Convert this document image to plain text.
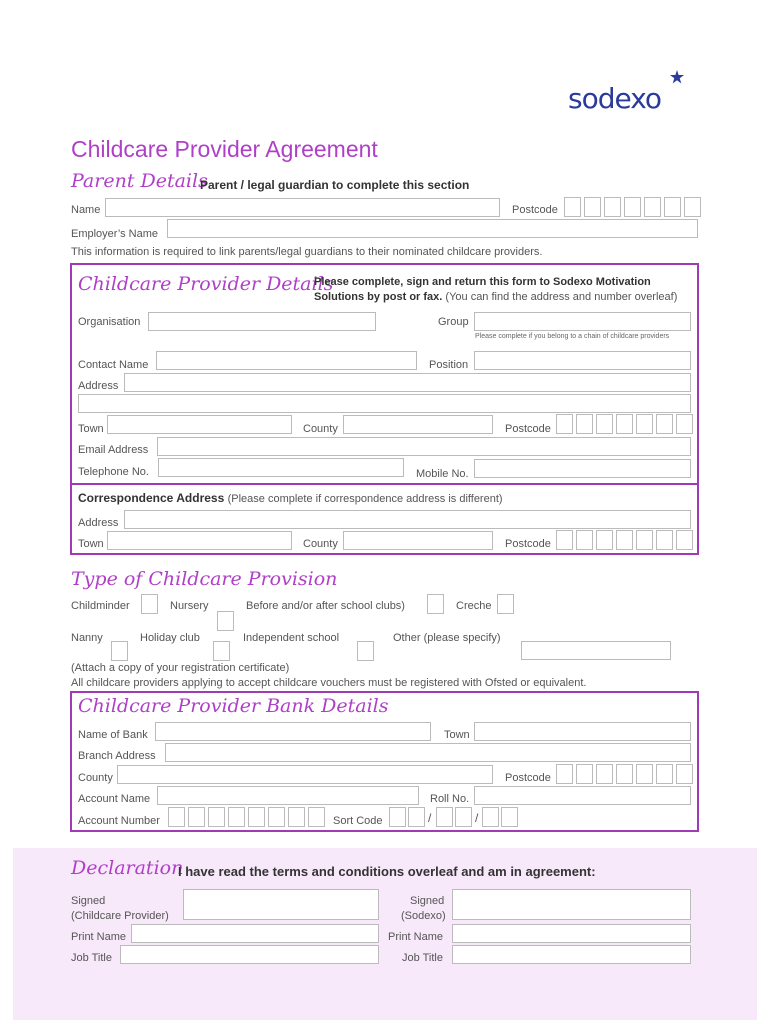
sodexo
Childcare Provider Agreement
Parent Details
Parent / legal guardian to complete this section
Name	Postcode
Employer’s Name
This information is required to link parents/legal guardians to their nominated childcare providers.
Childcare Provider Details
Please complete, sign and return this form to Sodexo Motivation
Solutions by post or fax. (You can find the address and number overleaf)
Organisation	Group
Please complete if you belong to a chain of childcare providers
Contact Name	Position
Address
Town	County	Postcode
Email Address
Telephone No.	Mobile No.
Correspondence Address (Please complete if correspondence address is different)
Address
Town	County	Postcode
Type of Childcare Provision
Childminder	Nursery	Before and/or after school clubs)	Creche
Nanny	Holiday club	Independent school	Other (please specify)
(Attach a copy of your registration certificate)
All childcare providers applying to accept childcare vouchers must be registered with Ofsted or equivalent.
Childcare Provider Bank Details
Name of Bank	Town
Branch Address
County	Postcode
Account Name	Roll No.
Account Number	Sort Code	/	/
Declaration
I have read the terms and conditions overleaf and am in agreement:
Signed
(Childcare Provider)
Signed
(Sodexo)
Print Name	Print Name
Job Title	Job Title
